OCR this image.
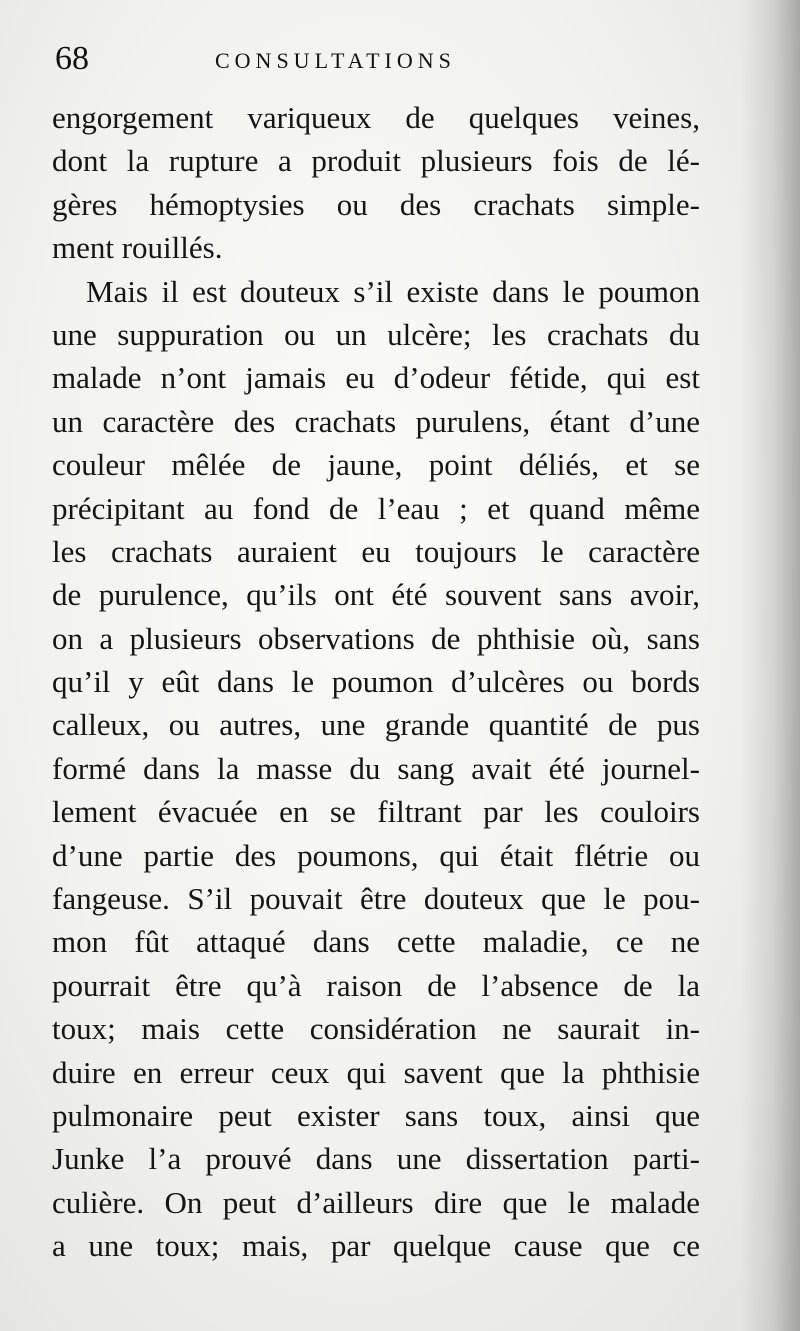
68	CONSULTATIONS
engorgement variqueux de quelques veines,
dont la rupture a produit plusieurs fois de lé-
gères hémoptysies ou des crachats simple-
ment rouillés.
Mais il est douteux s’il existe dans le poumon
une suppuration ou un ulcère; les crachats du
malade n’ont jamais eu d’odeur fétide, qui est
un caractère des crachats purulens, étant d’une
couleur mêlée de jaune, point déliés, et se
précipitant au fond de l’eau ; et quand même
les crachats auraient eu toujours le caractère
de purulence, qu’ils ont été souvent sans avoir,
on a plusieurs observations de phthisie où, sans
qu’il y eût dans le poumon d’ulcères ou bords
calleux, ou autres, une grande quantité de pus
formé dans la masse du sang avait été journel-
lement évacuée en se filtrant par les couloirs
d’une partie des poumons, qui était flétrie ou
fangeuse. S’il pouvait être douteux que le pou-
mon fût attaqué dans cette maladie, ce ne
pourrait être qu’à raison de l’absence de la
toux; mais cette considération ne saurait in-
duire en erreur ceux qui savent que la phthisie
pulmonaire peut exister sans toux, ainsi que
Junke l’a prouvé dans une dissertation parti-
culière. On peut d’ailleurs dire que le malade
a une toux; mais, par quelque cause que ce
